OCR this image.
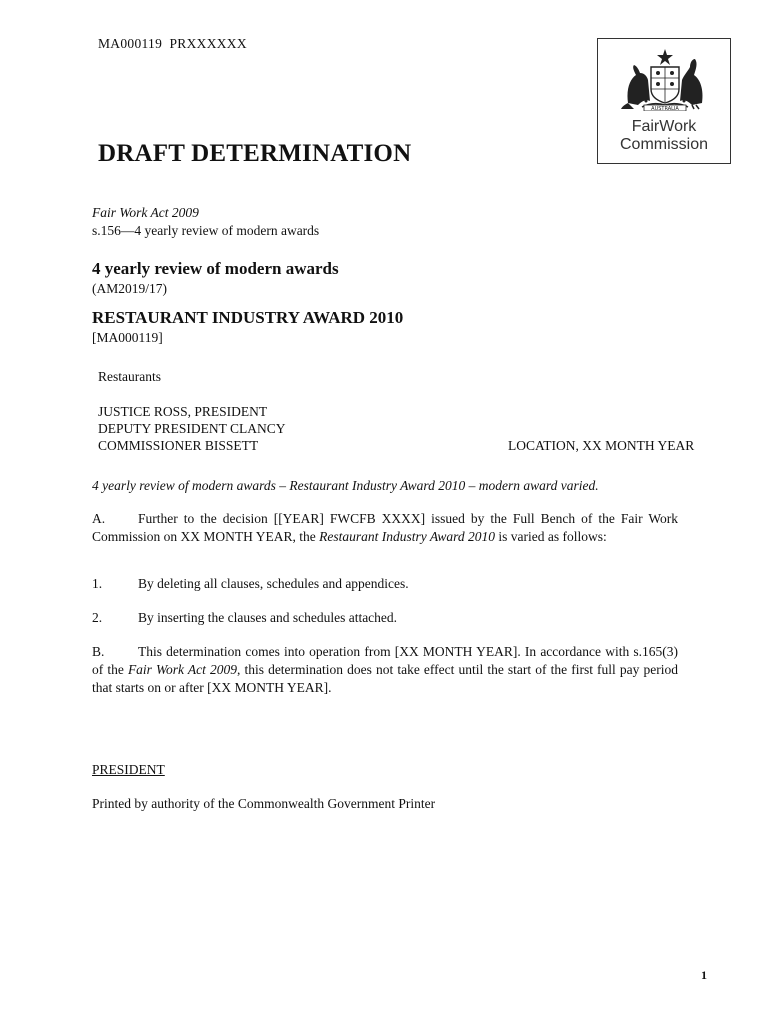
MA000119  PRXXXXXX
AUSTRALIA
FairWork
Commission
DRAFT DETERMINATION
Fair Work Act 2009
s.156—4 yearly review of modern awards
4 yearly review of modern awards
(AM2019/17)
RESTAURANT INDUSTRY AWARD 2010
[MA000119]
Restaurants
JUSTICE ROSS, PRESIDENT
DEPUTY PRESIDENT CLANCY
COMMISSIONER BISSETT	LOCATION, XX MONTH YEAR
4 yearly review of modern awards – Restaurant Industry Award 2010 – modern award varied.
A. Further to the decision [[YEAR] FWCFB XXXX] issued by the Full Bench of the Fair Work Commission on XX MONTH YEAR, the Restaurant Industry Award 2010 is varied as follows:
1.	By deleting all clauses, schedules and appendices.
2.	By inserting the clauses and schedules attached.
B. This determination comes into operation from [XX MONTH YEAR]. In accordance with s.165(3) of the Fair Work Act 2009, this determination does not take effect until the start of the first full pay period that starts on or after [XX MONTH YEAR].
PRESIDENT
Printed by authority of the Commonwealth Government Printer
1
